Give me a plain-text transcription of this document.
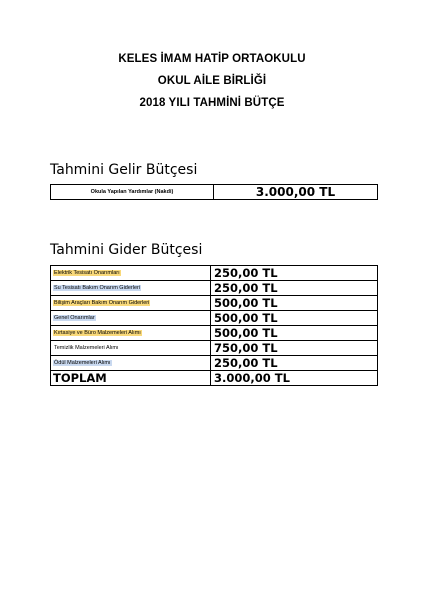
KELES İMAM HATİP ORTAOKULU
OKUL AİLE BİRLİĞİ
2018 YILI TAHMİNİ BÜTÇE
Tahmini Gelir Bütçesi
Okula Yapılan Yardımlar (Nakdi)	3.000,00 TL
Tahmini Gider Bütçesi
Elektrik Tesisatı Onarımları	250,00 TL
Su Tesisatı Bakım Onarım Giderleri	250,00 TL
Bilişim Araçları Bakım Onarım Giderleri	500,00 TL
Genel Onarımlar	500,00 TL
Kırtasiye ve Büro Malzemeleri Alımı	500,00 TL
Temizlik Malzemeleri Alımı	750,00 TL
Ödül Malzemeleri Alımı	250,00 TL
TOPLAM	3.000,00 TL
